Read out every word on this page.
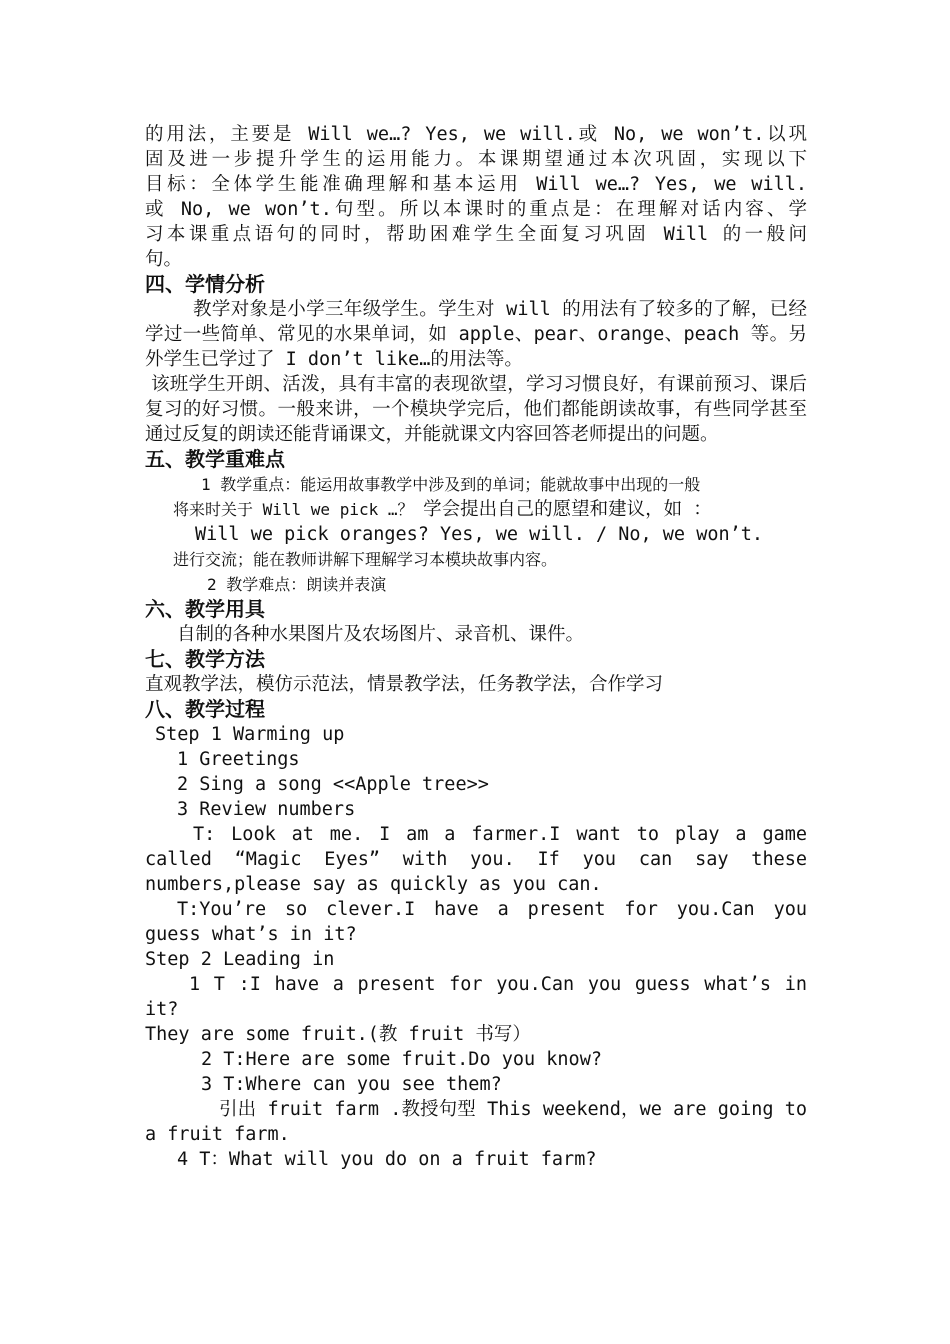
的用法，主要是 Will we…? Yes, we will.或 No, we won’t.以巩

固及进一步提升学生的运用能力。本课期望通过本次巩固，实现以下

目标：全体学生能准确理解和基本运用 Will we…? Yes, we will.

或 No, we won’t.句型。所以本课时的重点是：在理解对话内容、学

习本课重点语句的同时，帮助困难学生全面复习巩固 Will 的一般问

句。

四、学情分析

教学对象是小学三年级学生。学生对 will 的用法有了较多的了解，已经学过一些简单、常见的水果单词，如 apple、pear、orange、peach 等。另外学生已学过了 I don’t like…的用法等。

该班学生开朗、活泼，具有丰富的表现欲望，学习习惯良好，有课前预习、课后复习的好习惯。一般来讲，一个模块学完后，他们都能朗读故事，有些同学甚至通过反复的朗读还能背诵课文，并能就课文内容回答老师提出的问题。

五、教学重难点

1 教学重点：能运用故事教学中涉及到的单词；能就故事中出现的一般

将来时关于 Will we pick …？ 学会提出自己的愿望和建议，如 ：

Will we pick oranges? Yes, we will. / No, we won’t.

进行交流；能在教师讲解下理解学习本模块故事内容。

2 教学难点：朗读并表演

六、教学用具

自制的各种水果图片及农场图片、录音机、课件。

七、教学方法

直观教学法，模仿示范法，情景教学法，任务教学法，合作学习

八、教学过程

Step 1 Warming up

1 Greetings

2 Sing a song <<Apple tree>>

3 Review numbers

T: Look at me. I am a farmer.I want to play a game called “Magic Eyes” with you. If you can say these numbers,please say as quickly as you can.

T:You’re so clever.I have a present for you.Can you guess what’s in it?

Step 2 Leading in

1 T :I have a present for you.Can you guess what’s in it?

They are some fruit.(教 fruit 书写）

2 T:Here are some fruit.Do you know?

3 T:Where can you see them?

引出 fruit farm .教授句型 This weekend，we are going to a fruit farm.

4 T：What will you do on a fruit farm?
